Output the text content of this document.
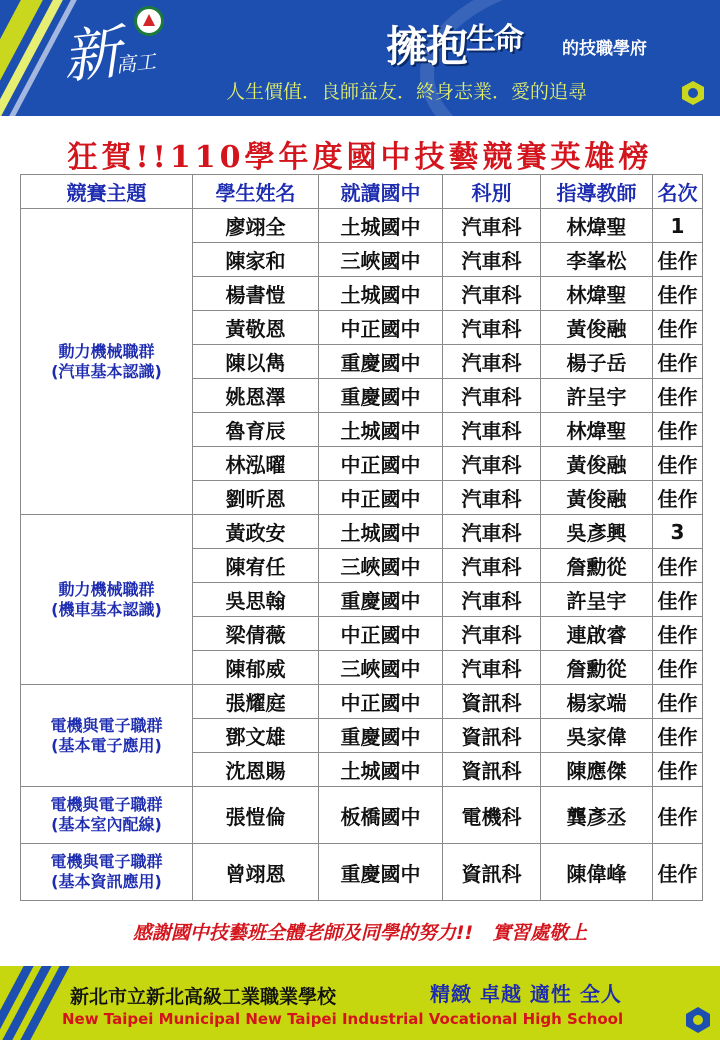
新高工	擁抱$^{生命}$ 的技職學府
人生價值．良師益友．終身志業．愛的追尋
狂賀!!110學年度國中技藝競賽英雄榜
競賽主題	學生姓名	就讀國中	科別	指導教師	名次

動力機械職群
(汽車基本認識)	廖翊全	土城國中	汽車科	林煒聖	1
	陳家和	三峽國中	汽車科	李峯松	佳作
	楊書愷	土城國中	汽車科	林煒聖	佳作
	黃敬恩	中正國中	汽車科	黃俊融	佳作
	陳以雋	重慶國中	汽車科	楊子岳	佳作
	姚恩澤	重慶國中	汽車科	許呈宇	佳作
	魯育辰	土城國中	汽車科	林煒聖	佳作
	林泓曜	中正國中	汽車科	黃俊融	佳作
	劉昕恩	中正國中	汽車科	黃俊融	佳作

動力機械職群
(機車基本認識)	黃政安	土城國中	汽車科	吳彥興	3
	陳宥任	三峽國中	汽車科	詹勳從	佳作
	吳思翰	重慶國中	汽車科	許呈宇	佳作
	梁倩薇	中正國中	汽車科	連啟睿	佳作
	陳郁威	三峽國中	汽車科	詹勳從	佳作

電機與電子職群
(基本電子應用)	張耀庭	中正國中	資訊科	楊家端	佳作
	鄧文雄	重慶國中	資訊科	吳家偉	佳作
	沈恩賜	土城國中	資訊科	陳應傑	佳作

電機與電子職群
(基本室內配線)	張愷倫	板橋國中	電機科	龔彥丞	佳作

電機與電子職群
(基本資訊應用)	曾翊恩	重慶國中	資訊科	陳偉峰	佳作
感謝國中技藝班全體老師及同學的努力!!　實習處敬上
新北市立新北高級工業職業學校	精緻 卓越 適性 全人
New Taipei Municipal New Taipei Industrial Vocational High School
